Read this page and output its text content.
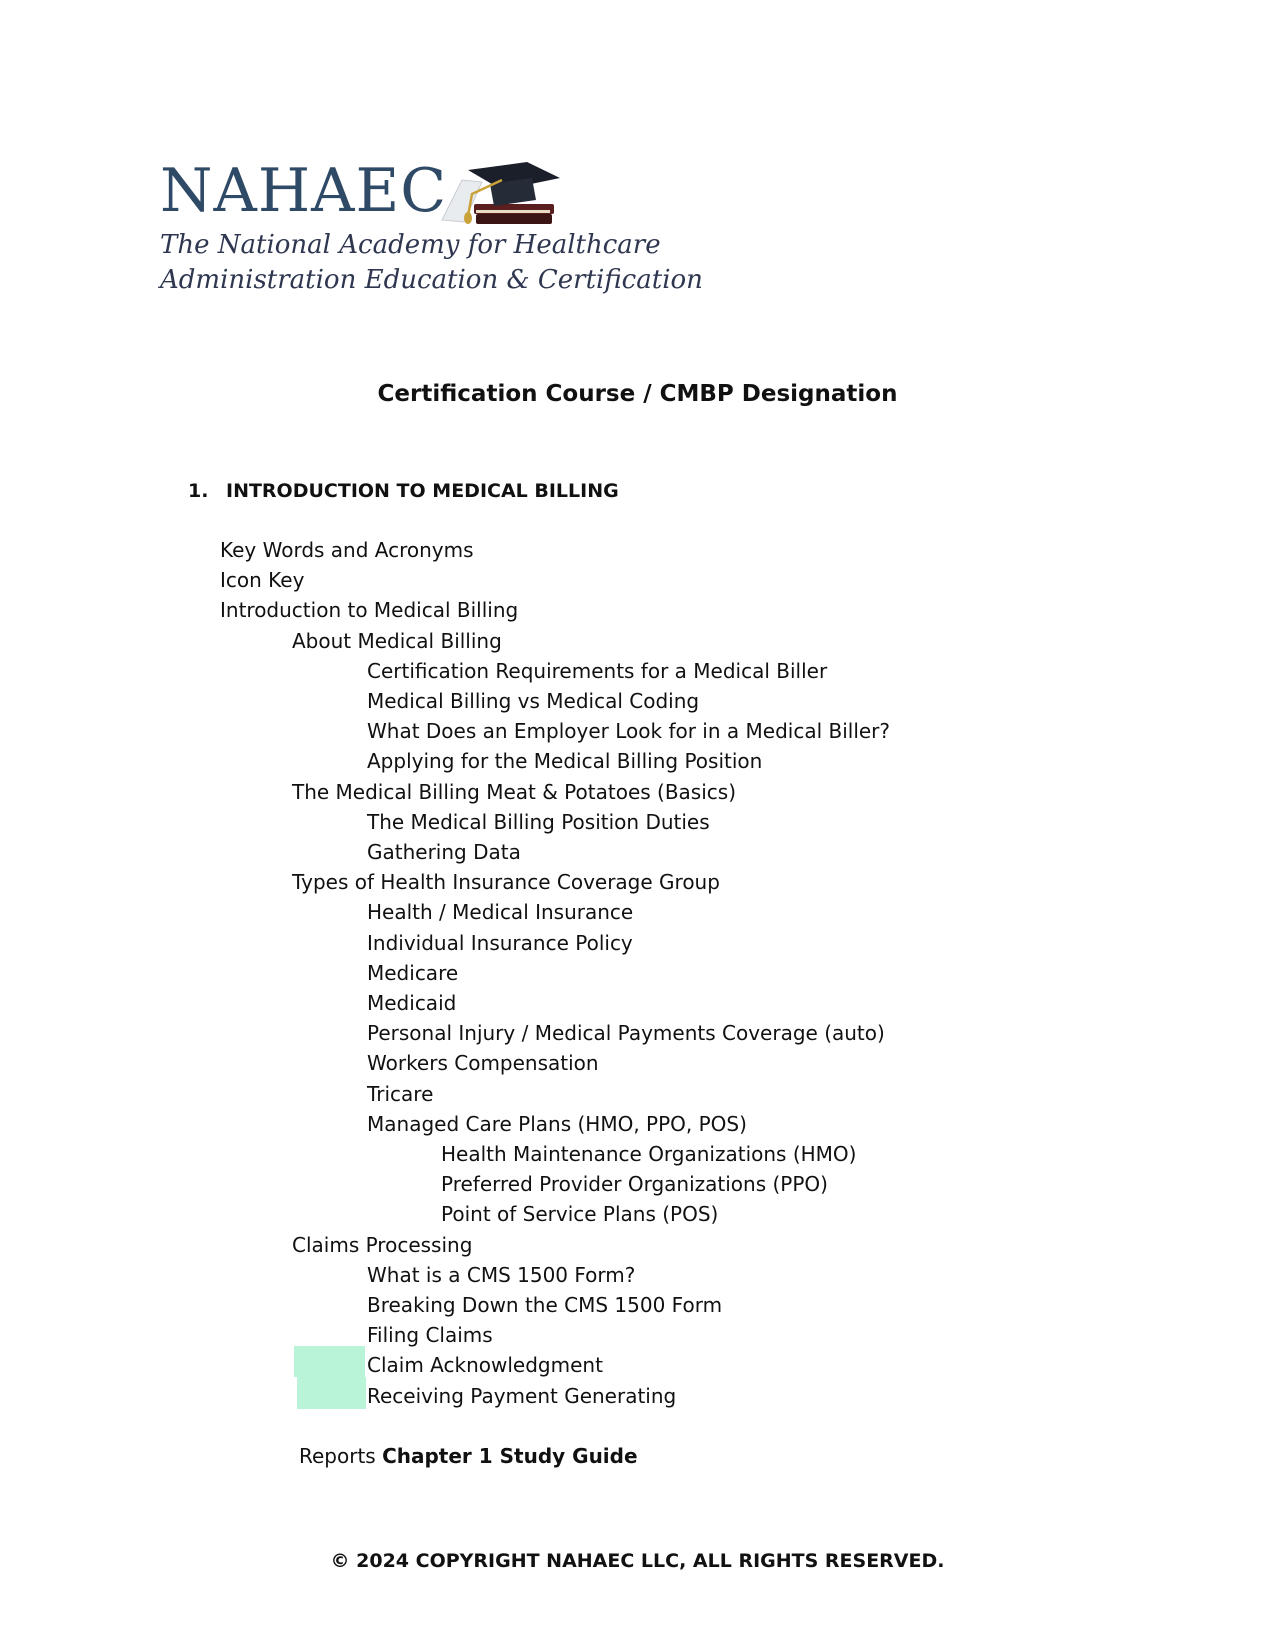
NAHAEC
The National Academy for Healthcare
Administration Education & Certification
Certification Course / CMBP Designation
1. INTRODUCTION TO MEDICAL BILLING
Key Words and Acronyms
Icon Key
Introduction to Medical Billing
About Medical Billing
Certification Requirements for a Medical Biller
Medical Billing vs Medical Coding
What Does an Employer Look for in a Medical Biller?
Applying for the Medical Billing Position
The Medical Billing Meat & Potatoes (Basics)
The Medical Billing Position Duties
Gathering Data
Types of Health Insurance Coverage Group
Health / Medical Insurance
Individual Insurance Policy
Medicare
Medicaid
Personal Injury / Medical Payments Coverage (auto)
Workers Compensation
Tricare
Managed Care Plans (HMO, PPO, POS)
Health Maintenance Organizations (HMO)
Preferred Provider Organizations (PPO)
Point of Service Plans (POS)
Claims Processing
What is a CMS 1500 Form?
Breaking Down the CMS 1500 Form
Filing Claims
Claim Acknowledgment
Receiving Payment Generating
Reports Chapter 1 Study Guide
© 2024 COPYRIGHT NAHAEC LLC, ALL RIGHTS RESERVED.
